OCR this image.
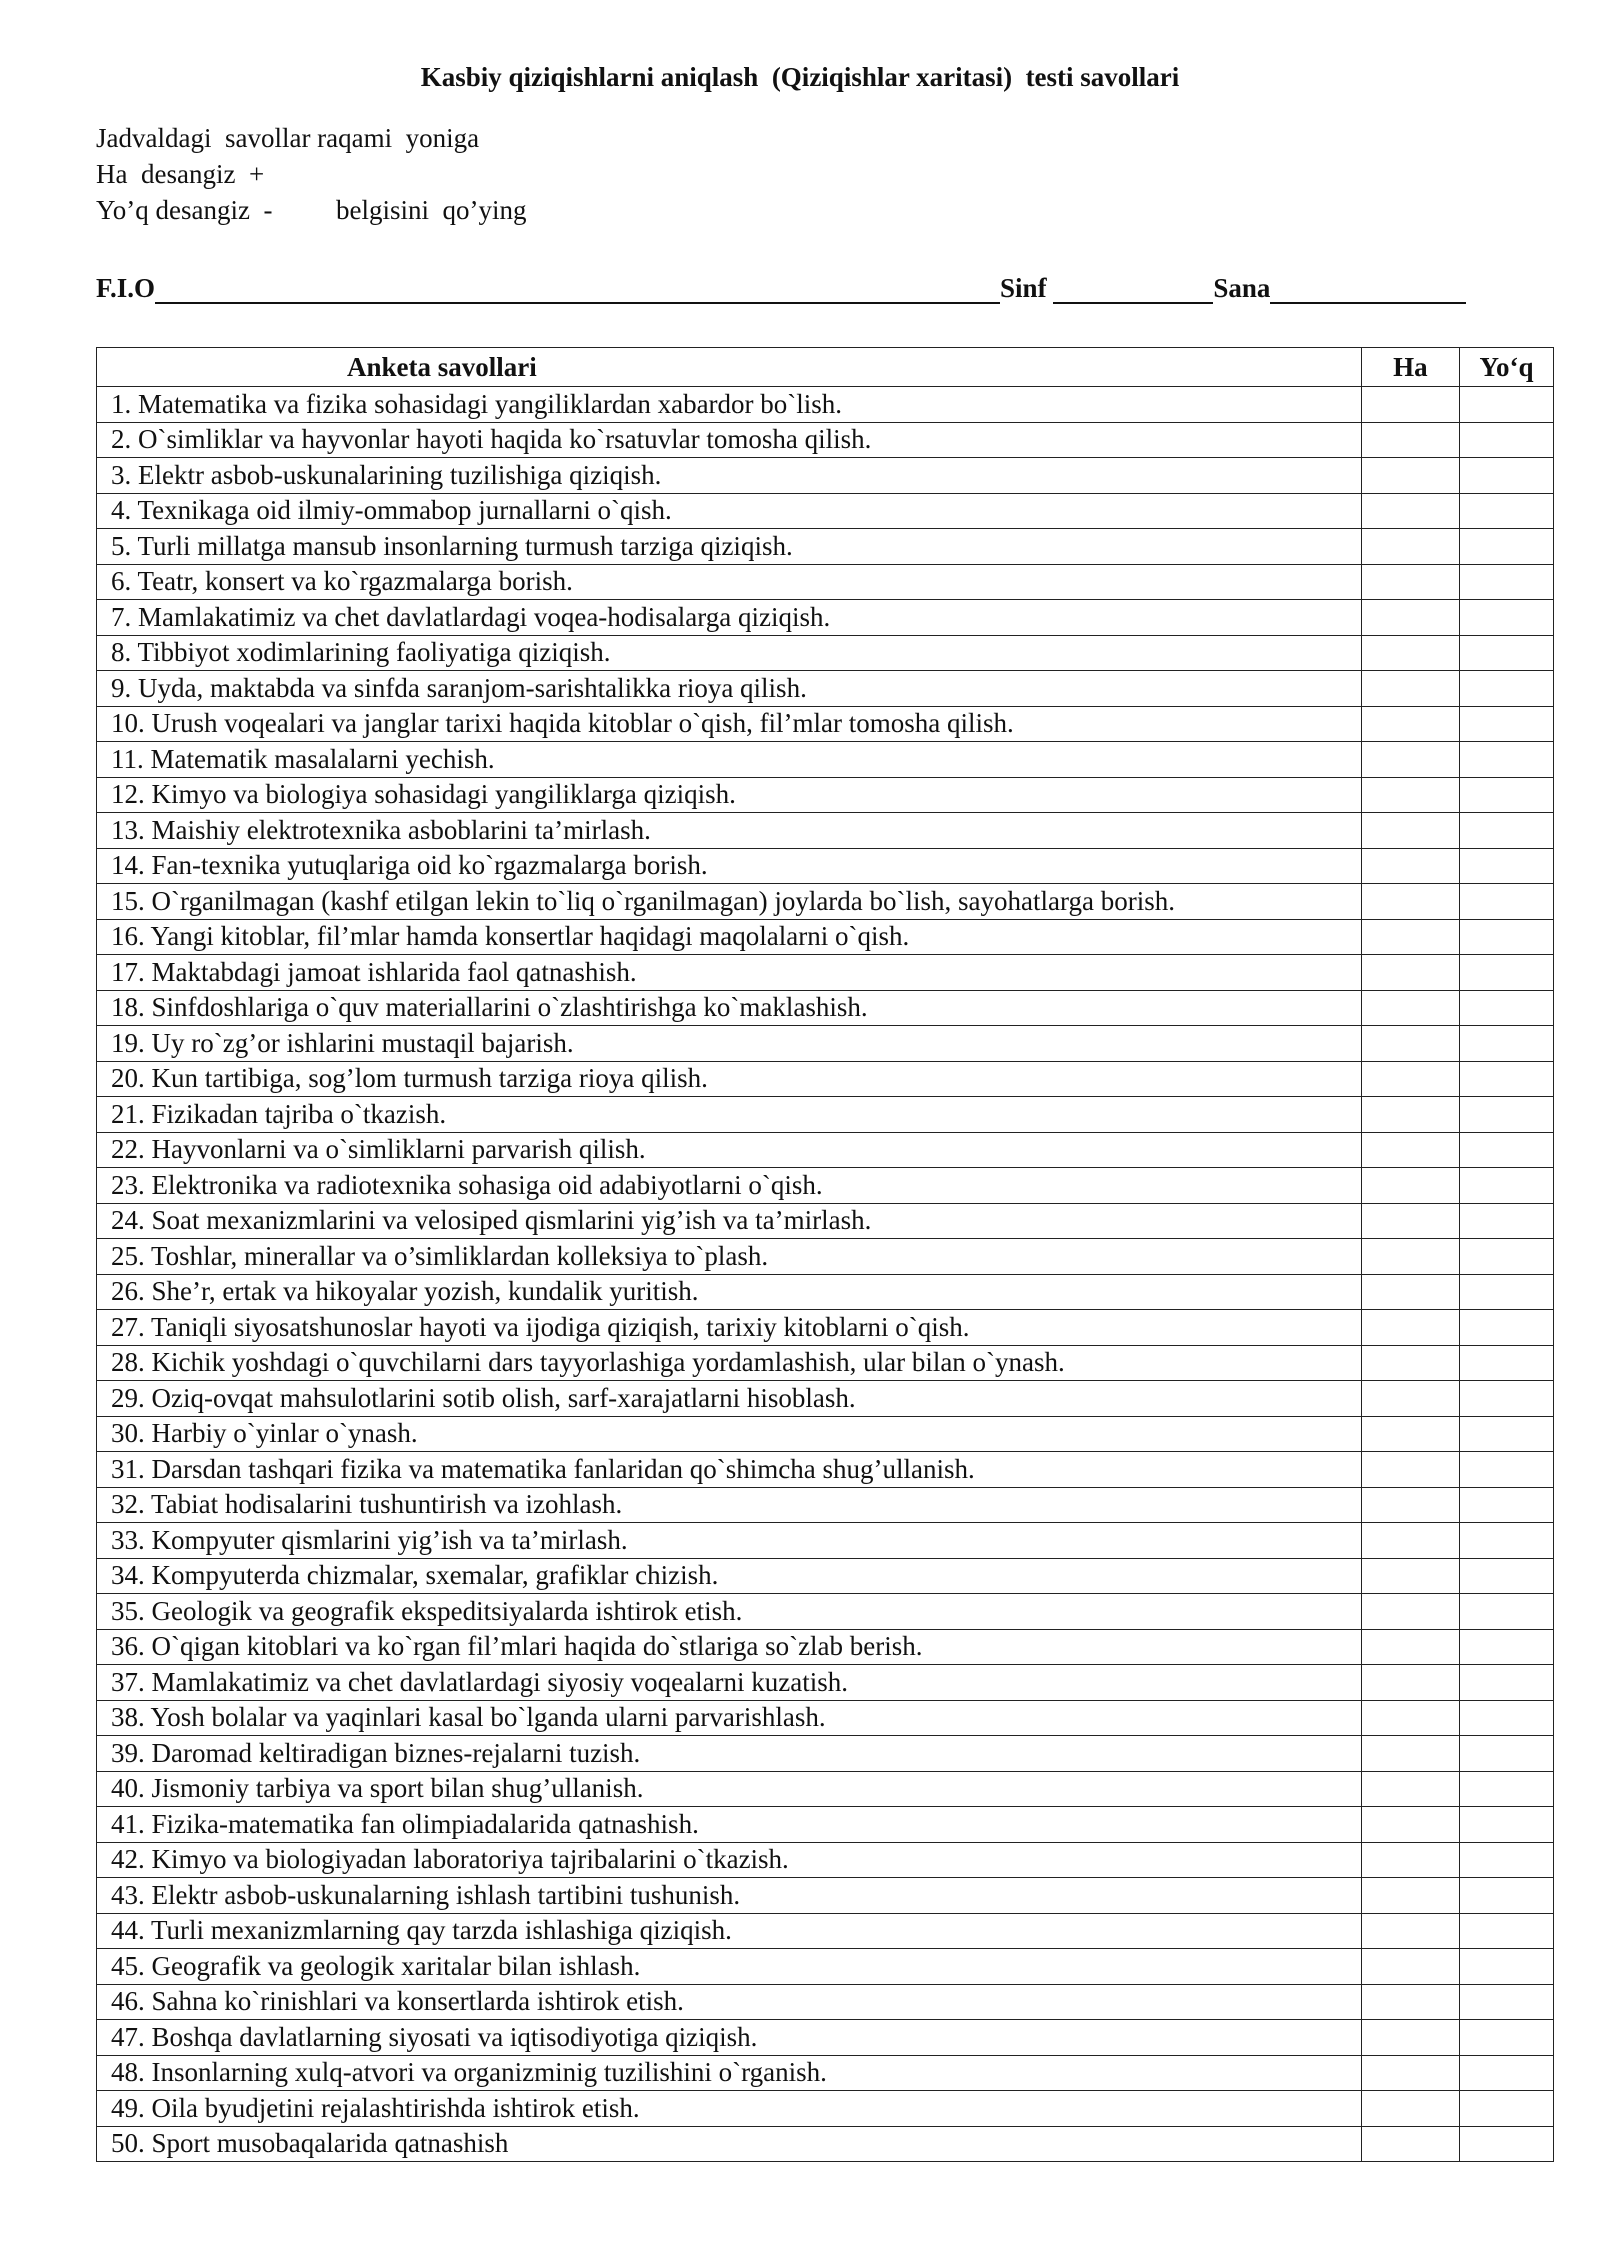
Kasbiy qiziqishlarni aniqlash  (Qiziqishlar xaritasi)  testi savollari
Jadvaldagi  savollar raqami  yoniga
Ha  desangiz  +
Yo’q desangiz  - belgisini  qo’ying
F.I.O	Sinf	Sana
Anketa savollari	Ha	Yo‘q
1. Matematika va fizika sohasidagi yangiliklardan xabardor bo`lish.		
2. O`simliklar va hayvonlar hayoti haqida ko`rsatuvlar tomosha qilish.		
3. Elektr asbob-uskunalarining tuzilishiga qiziqish.		
4. Texnikaga oid ilmiy-ommabop jurnallarni o`qish.		
5. Turli millatga mansub insonlarning turmush tarziga qiziqish.		
6. Teatr, konsert va ko`rgazmalarga borish.		
7. Mamlakatimiz va chet davlatlardagi voqea-hodisalarga qiziqish.		
8. Tibbiyot xodimlarining faoliyatiga qiziqish.		
9. Uyda, maktabda va sinfda saranjom-sarishtalikka rioya qilish.		
10. Urush voqealari va janglar tarixi haqida kitoblar o`qish, fil’mlar tomosha qilish.		
11. Matematik masalalarni yechish.		
12. Kimyo va biologiya sohasidagi yangiliklarga qiziqish.		
13. Maishiy elektrotexnika asboblarini ta’mirlash.		
14. Fan-texnika yutuqlariga oid ko`rgazmalarga borish.		
15. O`rganilmagan (kashf etilgan lekin to`liq o`rganilmagan) joylarda bo`lish, sayohatlarga borish.		
16. Yangi kitoblar, fil’mlar hamda konsertlar haqidagi maqolalarni o`qish.		
17. Maktabdagi jamoat ishlarida faol qatnashish.		
18. Sinfdoshlariga o`quv materiallarini o`zlashtirishga ko`maklashish.		
19. Uy ro`zg’or ishlarini mustaqil bajarish.		
20. Kun tartibiga, sog’lom turmush tarziga rioya qilish.		
21. Fizikadan tajriba o`tkazish.		
22. Hayvonlarni va o`simliklarni parvarish qilish.		
23. Elektronika va radiotexnika sohasiga oid adabiyotlarni o`qish.		
24. Soat mexanizmlarini va velosiped qismlarini yig’ish va ta’mirlash.		
25. Toshlar, minerallar va o’simliklardan kolleksiya to`plash.		
26. She’r, ertak va hikoyalar yozish, kundalik yuritish.		
27. Taniqli siyosatshunoslar hayoti va ijodiga qiziqish, tarixiy kitoblarni o`qish.		
28. Kichik yoshdagi o`quvchilarni dars tayyorlashiga yordamlashish, ular bilan o`ynash.		
29. Oziq-ovqat mahsulotlarini sotib olish, sarf-xarajatlarni hisoblash.		
30. Harbiy o`yinlar o`ynash.		
31. Darsdan tashqari fizika va matematika fanlaridan qo`shimcha shug’ullanish.		
32. Tabiat hodisalarini tushuntirish va izohlash.		
33. Kompyuter qismlarini yig’ish va ta’mirlash.		
34. Kompyuterda chizmalar, sxemalar, grafiklar chizish.		
35. Geologik va geografik ekspeditsiyalarda ishtirok etish.		
36. O`qigan kitoblari va ko`rgan fil’mlari haqida do`stlariga so`zlab berish.		
37. Mamlakatimiz va chet davlatlardagi siyosiy voqealarni kuzatish.		
38. Yosh bolalar va yaqinlari kasal bo`lganda ularni parvarishlash.		
39. Daromad keltiradigan biznes-rejalarni tuzish.		
40. Jismoniy tarbiya va sport bilan shug’ullanish.		
41. Fizika-matematika fan olimpiadalarida qatnashish.		
42. Kimyo va biologiyadan laboratoriya tajribalarini o`tkazish.		
43. Elektr asbob-uskunalarning ishlash tartibini tushunish.		
44. Turli mexanizmlarning qay tarzda ishlashiga qiziqish.		
45. Geografik va geologik xaritalar bilan ishlash.		
46. Sahna ko`rinishlari va konsertlarda ishtirok etish.		
47. Boshqa davlatlarning siyosati va iqtisodiyotiga qiziqish.		
48. Insonlarning xulq-atvori va organizminig tuzilishini o`rganish.		
49. Oila byudjetini rejalashtirishda ishtirok etish.		
50. Sport musobaqalarida qatnashish		
